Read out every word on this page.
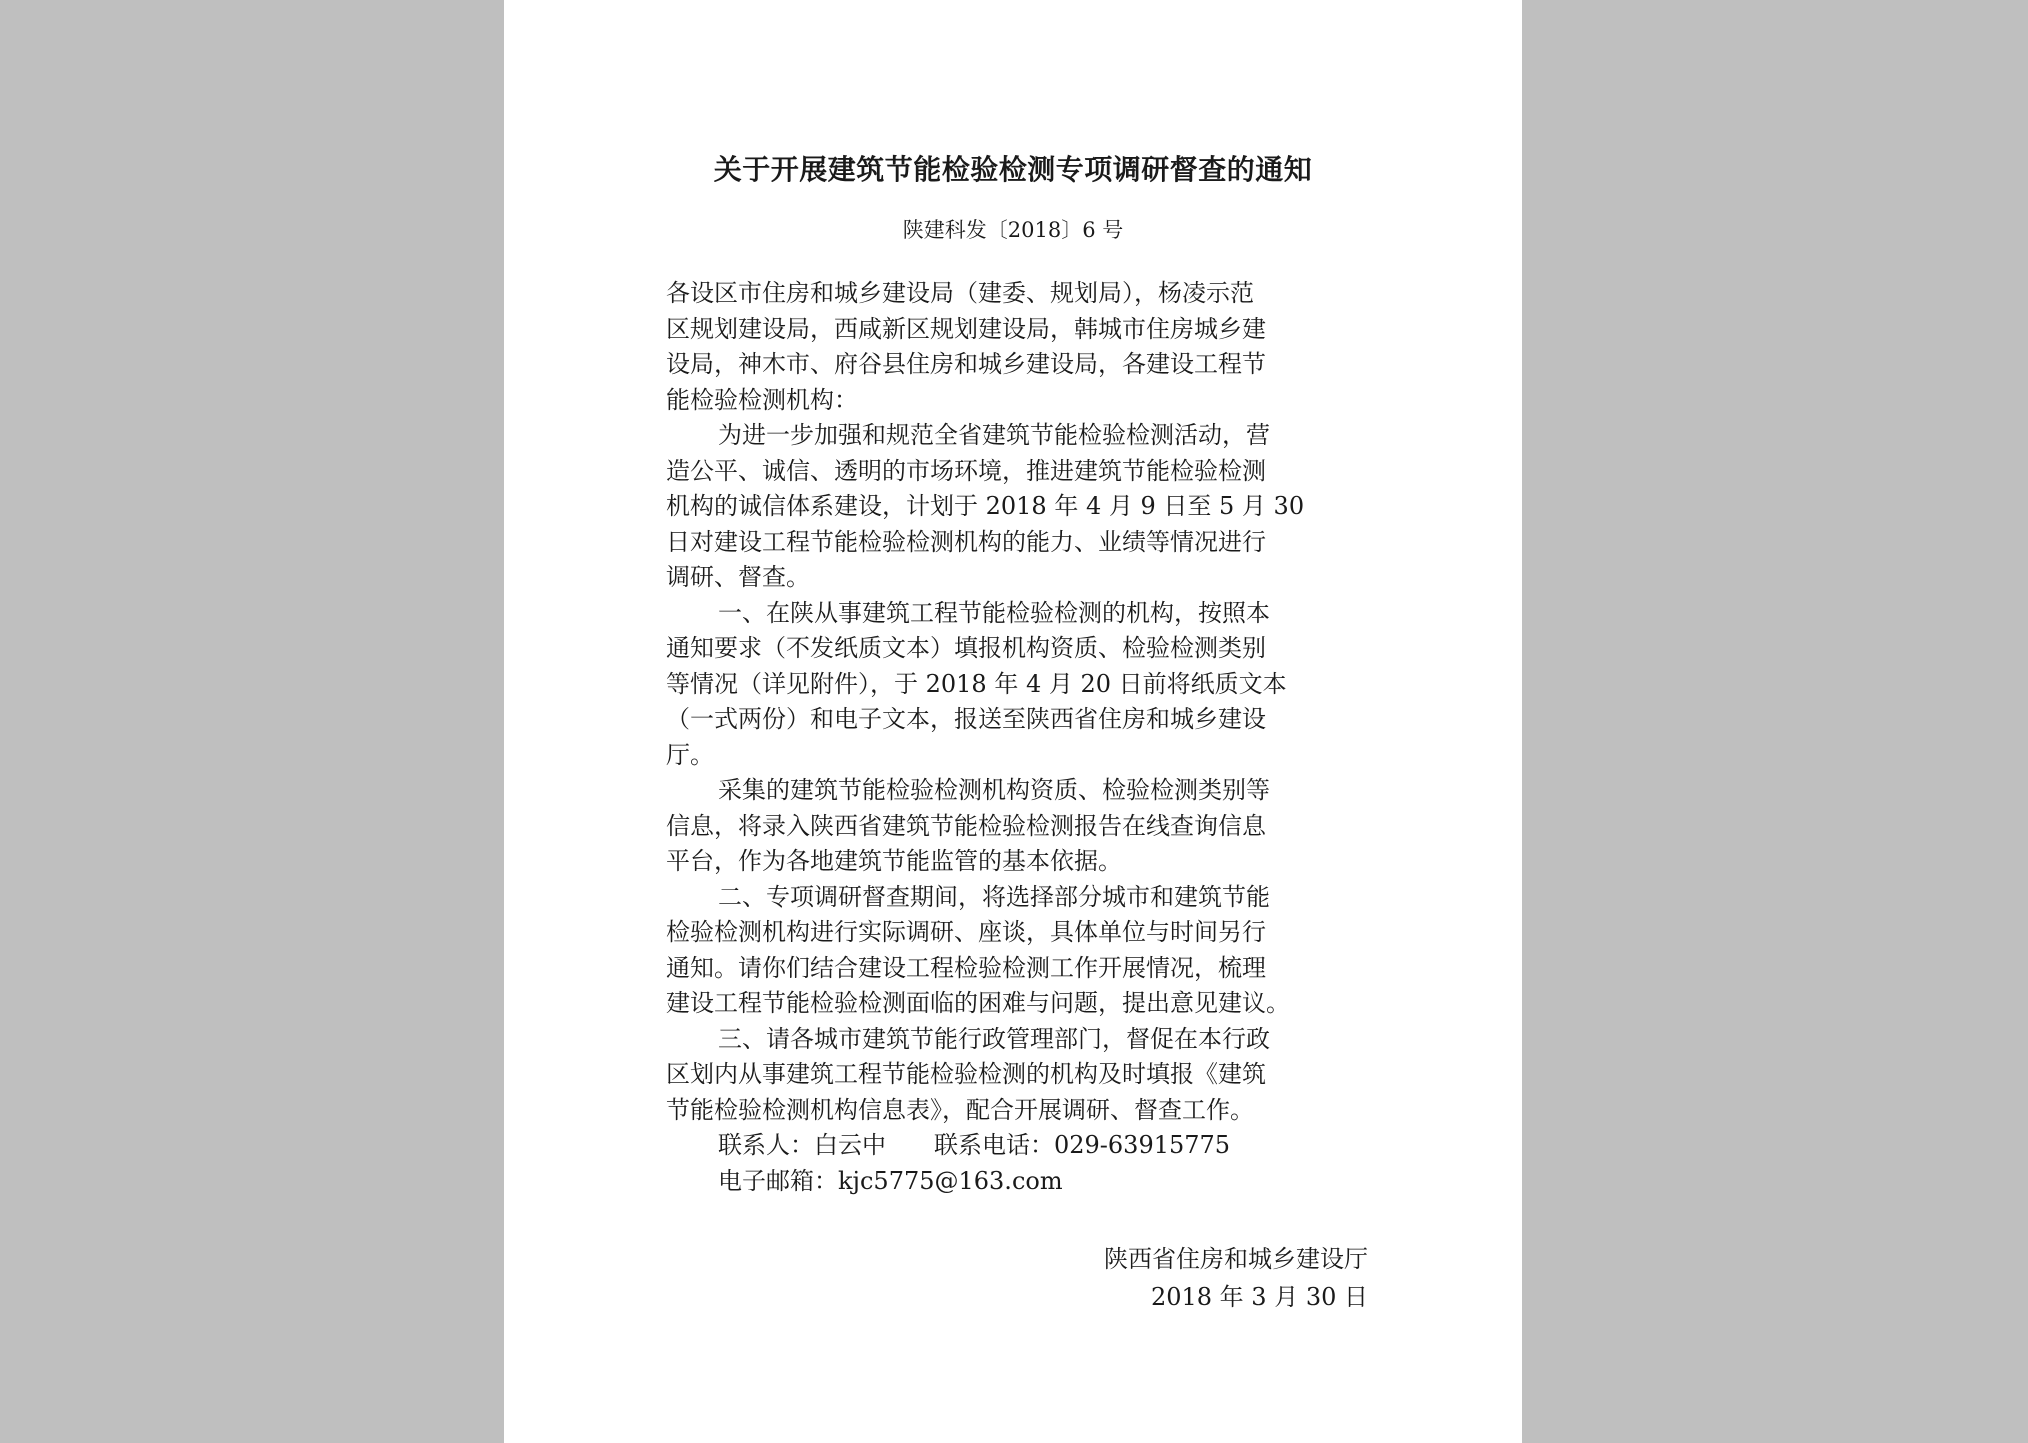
关于开展建筑节能检验检测专项调研督查的通知
陕建科发〔2018〕6 号
各设区市住房和城乡建设局（建委、规划局），杨凌示范
区规划建设局，西咸新区规划建设局，韩城市住房城乡建
设局，神木市、府谷县住房和城乡建设局，各建设工程节
能检验检测机构：
为进一步加强和规范全省建筑节能检验检测活动，营
造公平、诚信、透明的市场环境，推进建筑节能检验检测
机构的诚信体系建设，计划于 2018 年 4 月 9 日至 5 月 30
日对建设工程节能检验检测机构的能力、业绩等情况进行
调研、督查。
一、在陕从事建筑工程节能检验检测的机构，按照本
通知要求（不发纸质文本）填报机构资质、检验检测类别
等情况（详见附件），于 2018 年 4 月 20 日前将纸质文本
（一式两份）和电子文本，报送至陕西省住房和城乡建设
厅。
采集的建筑节能检验检测机构资质、检验检测类别等
信息，将录入陕西省建筑节能检验检测报告在线查询信息
平台，作为各地建筑节能监管的基本依据。
二、专项调研督查期间，将选择部分城市和建筑节能
检验检测机构进行实际调研、座谈，具体单位与时间另行
通知。请你们结合建设工程检验检测工作开展情况，梳理
建设工程节能检验检测面临的困难与问题，提出意见建议。
三、请各城市建筑节能行政管理部门，督促在本行政
区划内从事建筑工程节能检验检测的机构及时填报《建筑
节能检验检测机构信息表》，配合开展调研、督查工作。
联系人：白云中　　联系电话：029-63915775
电子邮箱：kjc5775@163.com
陕西省住房和城乡建设厅
2018 年 3 月 30 日
